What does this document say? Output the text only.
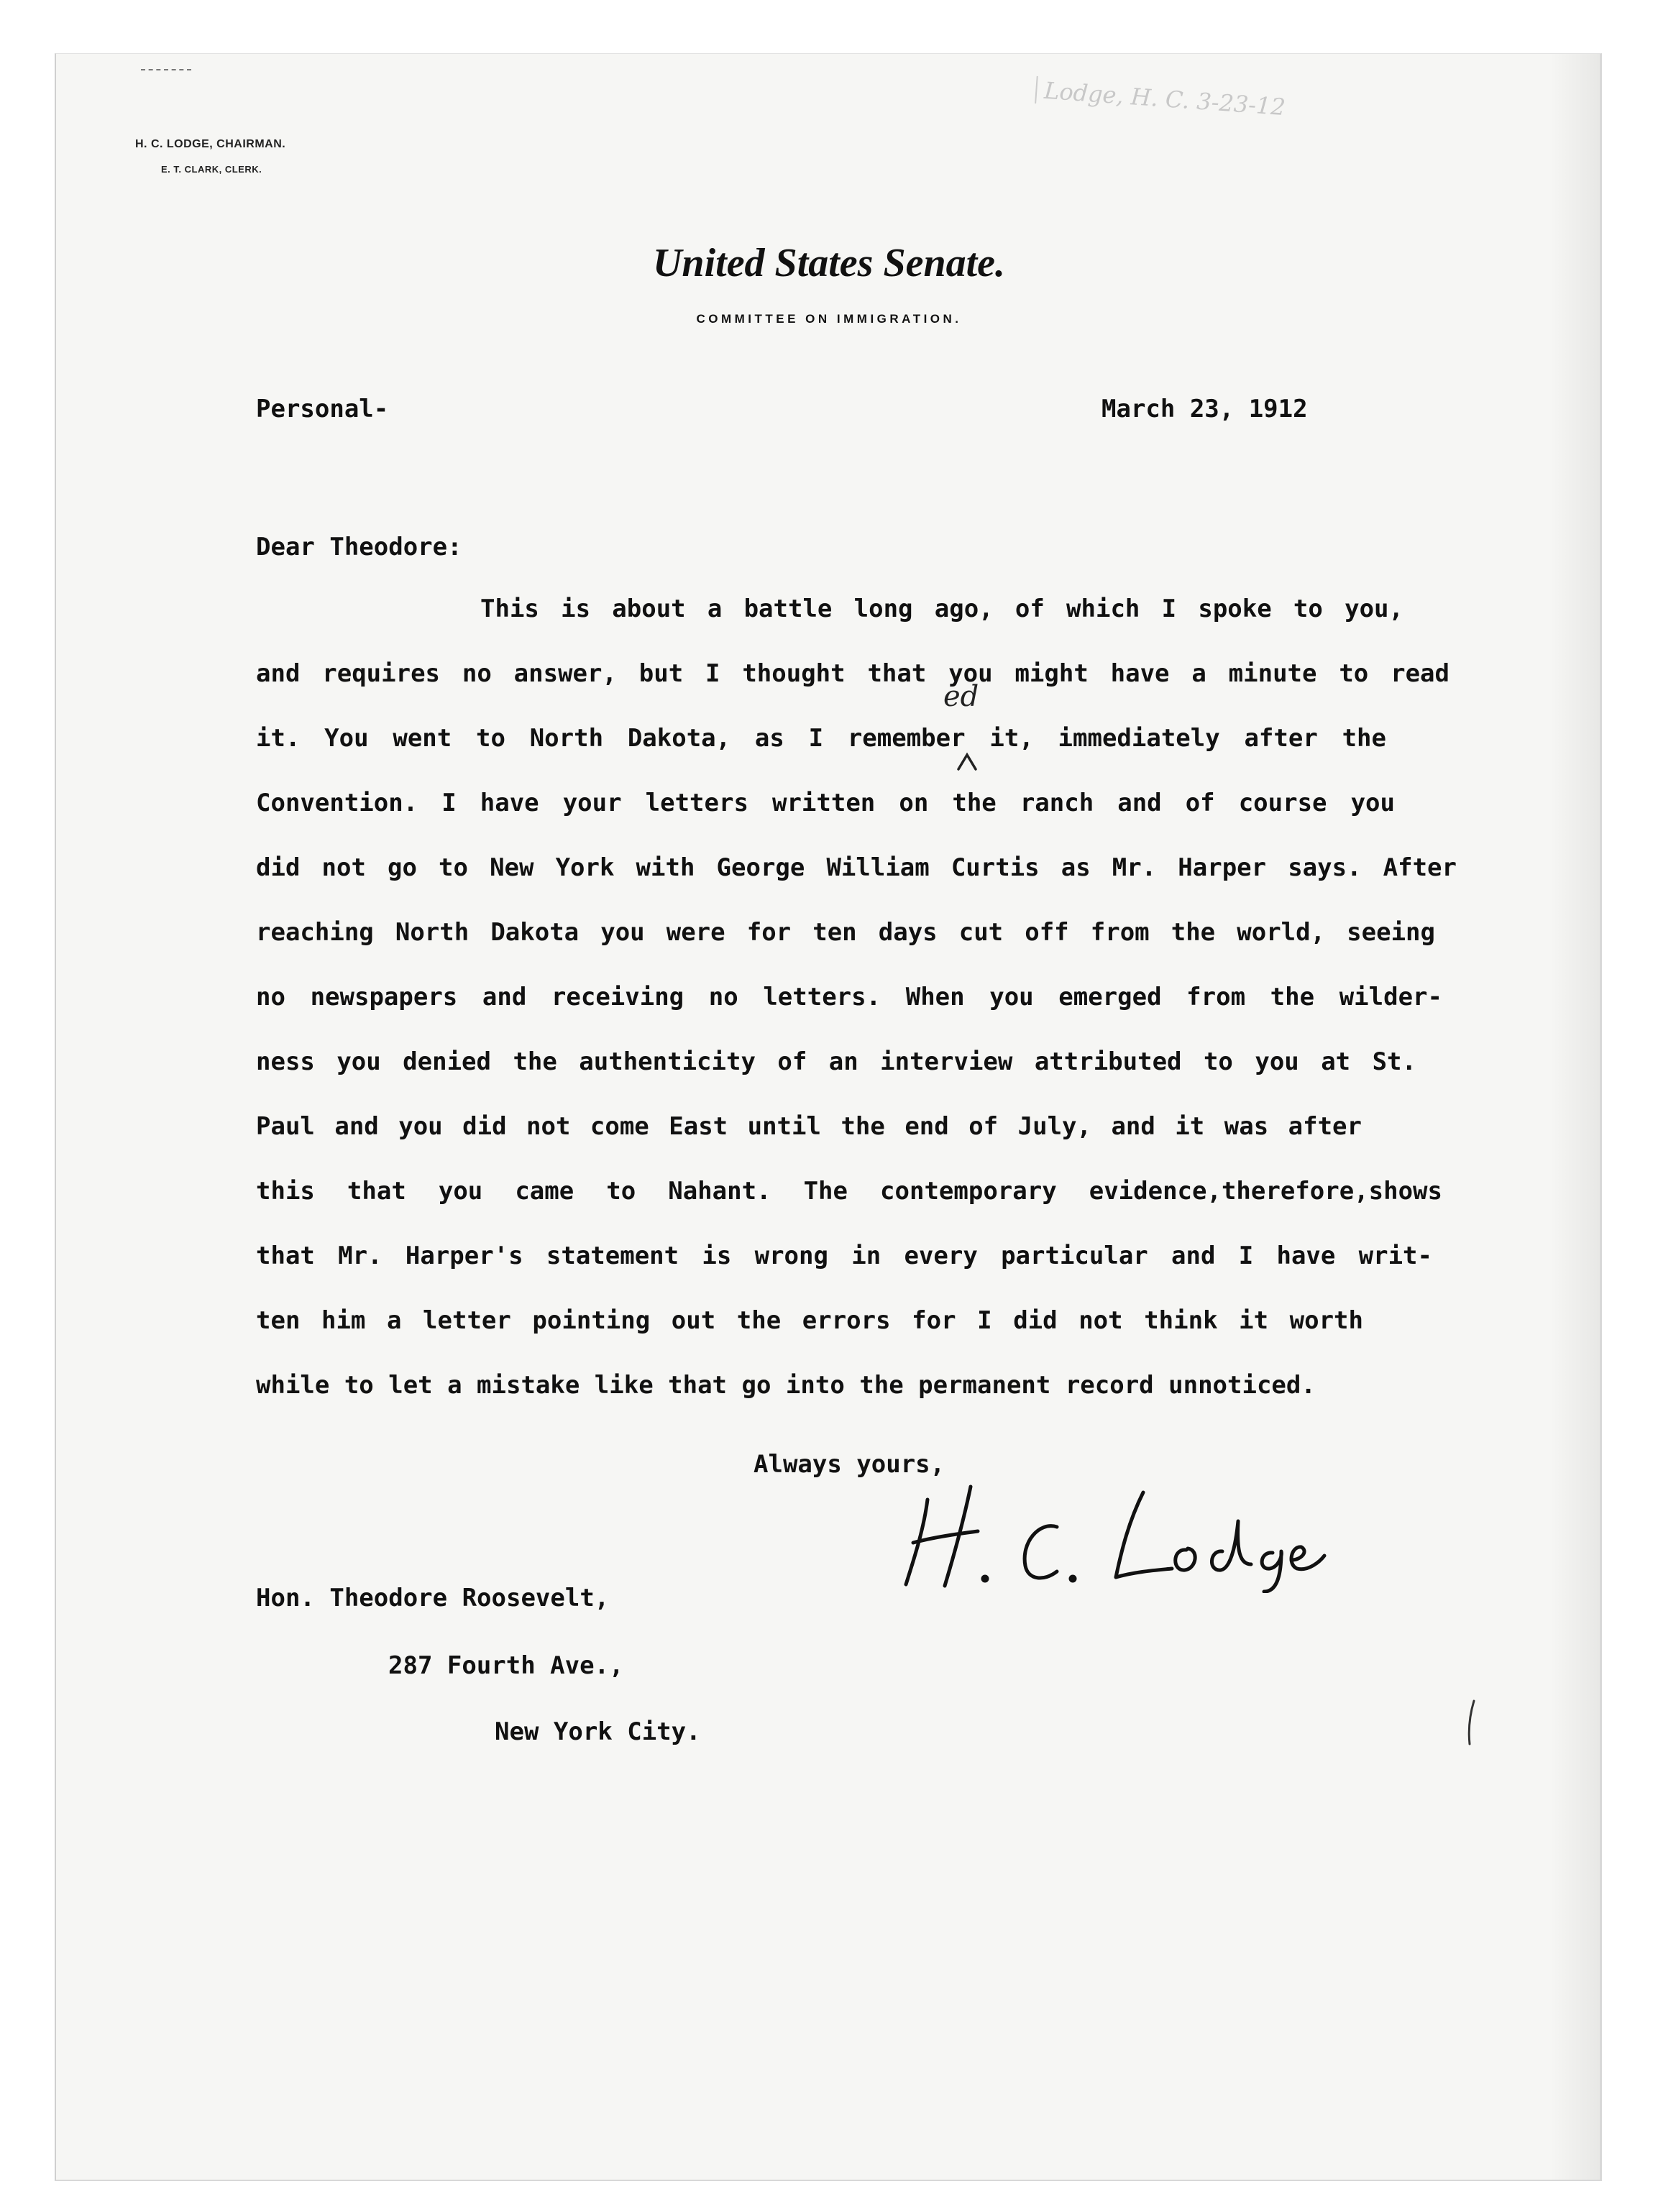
H. C. LODGE, CHAIRMAN.
E. T. CLARK, CLERK.
Lodge, H. C. 3-23-12
United States Senate.
COMMITTEE ON IMMIGRATION.
Personal-	March 23, 1912
Dear Theodore:
This is about a battle long ago, of which I spoke to you,
and requires no answer, but I thought that you might have a minute to read
it. You went to North Dakota, as I remember it, immediately after the
Convention. I have your letters written on the ranch and of course you
did not go to New York with George William Curtis as Mr. Harper says. After
reaching North Dakota you were for ten days cut off from the world, seeing
no newspapers and receiving no letters. When you emerged from the wilder-
ness you denied the authenticity of an interview attributed to you at St.
Paul and you did not come East until the end of July, and it was after
this that you came to Nahant. The contemporary evidence,therefore,shows
that Mr. Harper's statement is wrong in every particular and I have writ-
ten him a letter pointing out the errors for I did not think it worth
while to let a mistake like that go into the permanent record unnoticed.
ed
Always yours,
Hon. Theodore Roosevelt,
287 Fourth Ave.,
New York City.
